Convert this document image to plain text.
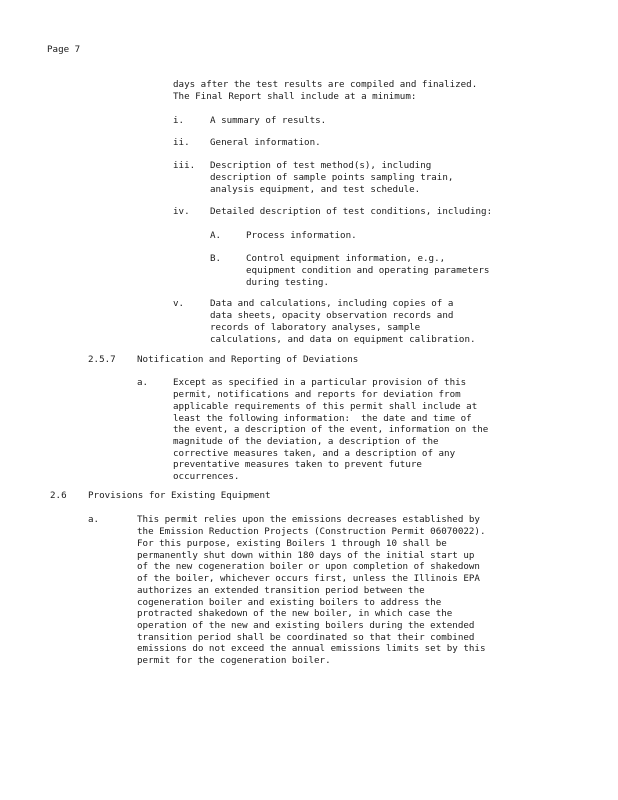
Page 7
days after the test results are compiled and finalized.
The Final Report shall include at a minimum:
i.	A summary of results.
ii. General information.
iii. Description of test method(s), including
description of sample points sampling train,
analysis equipment, and test schedule.
iv. Detailed description of test conditions, including:
A.	Process information.
B.	Control equipment information, e.g.,
equipment condition and operating parameters
during testing.
v.	Data and calculations, including copies of a
data sheets, opacity observation records and
records of laboratory analyses, sample
calculations, and data on equipment calibration.
2.5.7 Notification and Reporting of Deviations
a.	Except as specified in a particular provision of this
permit, notifications and reports for deviation from
applicable requirements of this permit shall include at
least the following information:  the date and time of
the event, a description of the event, information on the
magnitude of the deviation, a description of the
corrective measures taken, and a description of any
preventative measures taken to prevent future
occurrences.
2.6 Provisions for Existing Equipment
a.	This permit relies upon the emissions decreases established by
the Emission Reduction Projects (Construction Permit 06070022).
For this purpose, existing Boilers 1 through 10 shall be
permanently shut down within 180 days of the initial start up
of the new cogeneration boiler or upon completion of shakedown
of the boiler, whichever occurs first, unless the Illinois EPA
authorizes an extended transition period between the
cogeneration boiler and existing boilers to address the
protracted shakedown of the new boiler, in which case the
operation of the new and existing boilers during the extended
transition period shall be coordinated so that their combined
emissions do not exceed the annual emissions limits set by this
permit for the cogeneration boiler.
